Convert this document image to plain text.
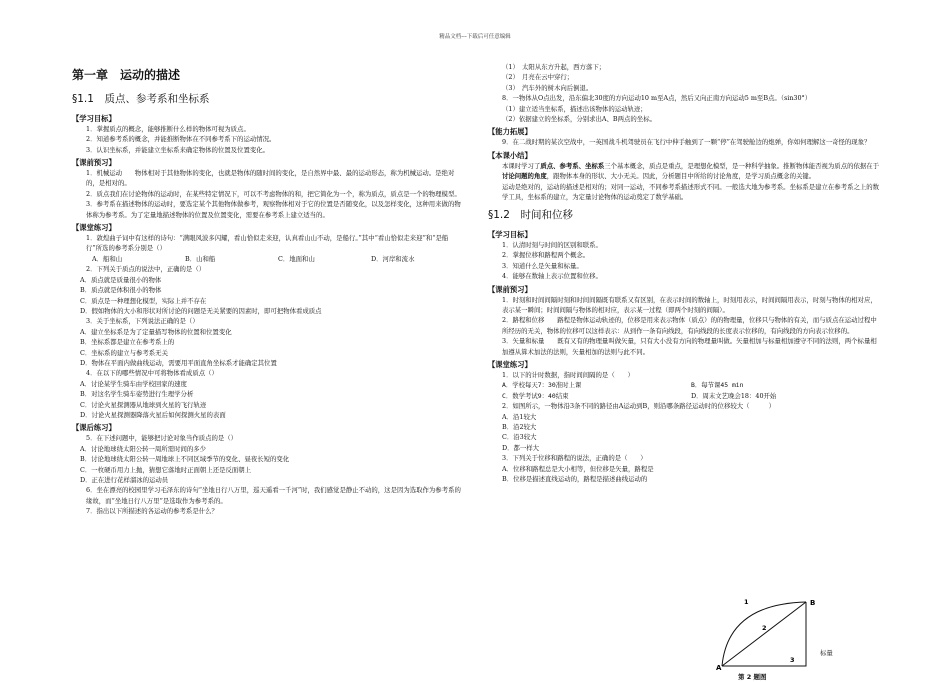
精品文档---下载后可任意编辑
第一章　运动的描述
§1.1　质点、参考系和坐标系
【学习目标】

1．掌握质点的概念，能够推断什么样的物体可视为质点。

2．知道参考系的概念，并能推断物体在不同参考系下的运动情况。

3．认识坐标系，并能建立坐标系来确定物体的位置及位置变化。

【课前预习】

1．机械运动　　物体相对于其他物体的变化，也就是物体的随时间的变化，是自然界中最、最的运动形态，称为机械运动。是绝对的，是相对的。

2．质点我们在讨论物体的运动时，在某些特定情况下，可以不考虑物体的和，把它简化为一个，称为质点，质点是一个的物理模型。

3．参考系在描述物体的运动时，要选定某个其他物体做参考，观察物体相对于它的位置是否随变化，以及怎样变化，这种用来做的物体称为参考系。为了定量地描述物体的位置及位置变化，需要在参考系上建立适当的。

【课堂练习】

1．敦煌曲子词中有这样的诗句：“满眼风波多闪耀，看山恰似走来迎，认真看山山不动，是船行。”其中“看山恰似走来迎”和“是船行”所选的参考系分别是（）

A．船和山	B．山和船	C．地面和山	D．河岸和流水

2．下列关于质点的说法中，正确的是（）

A．质点就是质量很小的物体

B．质点就是体积很小的物体

C．质点是一种理想化模型，实际上并不存在

D．假如物体的大小和形状对所讨论的问题是无关紧要的因素时，即可把物体看成质点

3．关于坐标系，下列说法正确的是（）

A．建立坐标系是为了定量描写物体的位置和位置变化

B．坐标系都是建立在参考系上的

C．坐标系的建立与参考系无关

D．物体在平面内做曲线运动，需要用平面直角坐标系才能确定其位置

4．在以下的哪些情况中可将物体看成质点（）

A．讨论某学生骑车由学校回家的速度

B．对这名学生骑车姿势进行生理学分析

C．讨论火星探测器从地球到火星的飞行轨迹

D．讨论火星探测器降落火星后如何探测火星的表面

【课后练习】

5．在下述问题中，能够把讨论对象当作质点的是（）

A．讨论地球绕太阳公转一周所需时间的多少

B．讨论地球绕太阳公转一周地球上不同区域季节的变化、昼夜长短的变化

C．一枚硬币用力上抛，猜想它落地时正面朝上还是反面朝上

D．正在进行花样溜冰的运动员

6．坐在漂亮的校园里学习毛泽东的诗句“坐地日行八万里，巡天遥看一千河”时，我们感觉是静止不动的，这是因为选取作为参考系的缘故，而“坐地日行八万里”是选取作为参考系的。

7．指出以下所描述的各运动的参考系是什么？

（1）　太阳从东方升起，西方落下；

（2）　月亮在云中穿行；

（3）　汽车外的树木向后倒退。

8．一物体从O点出发，沿东偏北30度的方向运动10 m至A点，然后又向正南方向运动5 m至B点。（sin30°）

（1）建立适当坐标系，描述出该物体的运动轨迹；

（2）依据建立的坐标系，分别求出A、B两点的坐标。

【能力拓展】

9．在二战时期的某次空战中，一英国战斗机驾驶员在飞行中伸手触到了一颗“停”在驾驶舱边的炮弹，你如何理解这一奇怪的现象？

【本课小结】

本课时学习了质点、参考系、坐标系三个基本概念，质点是重点，是理想化模型，是一种科学抽象。推断物体能否视为质点的依据在于讨论问题的角度，跟物体本身的形状、大小无关。因此，分析题目中所给的讨论角度，是学习质点概念的关键。

运动是绝对的，运动的描述是相对的；对同一运动，不同参考系描述形式不同。一般选大地为参考系。坐标系是建立在参考系之上的数学工具，坐标系的建立，为定量讨论物体的运动奠定了数学基础。

§1.2　时间和位移
【学习目标】

1．认清时刻与时间的区别和联系。

2．掌握位移和路程两个概念。

3．知道什么是矢量和标量。

4．能够在数轴上表示位置和位移。

【课前预习】

1．时刻和时间间隔时刻和时间间隔既有联系又有区别，在表示时间的数轴上，时刻用表示，时间间隔用表示，时刻与物体的相对应，表示某一瞬间；时间间隔与物体的相对应，表示某一过程（即两个时刻的间隔）。

2．路程和位移　　路程是物体运动轨迹的，位移是用来表示物体（质点）的的物理量，位移只与物体的有关，而与质点在运动过程中所经历的无关，物体的位移可以这样表示：从到作一条有向线段，有向线段的长度表示位移的，有向线段的方向表示位移的。

3．矢量和标量　　既有又有的物理量叫做矢量，只有大小没有方向的物理量叫做。矢量相加与标量相加遵守不同的法则，两个标量相加遵从算术加法的法则，矢量相加的法则与此不同。

【课堂练习】

1．以下的计时数据，指时间间隔的是（　　）

A．学校每天7：30准时上课	B．每节课45 min
C．数学考试9：40结束	D．周末文艺晚会18：40开始

2．如图所示，一物体沿3条不同的路径由A运动到B，则沿哪条路径运动时的位移较大（　　　）

A．沿1较大

B．沿2较大

C．沿3较大

D．都一样大

3．下列关于位移和路程的说法，正确的是（　　）

A．位移和路程总是大小相等，但位移是矢量，路程是

B．位移是描述直线运动的，路程是描述曲线运动的

标量
A
B
1
2
3
第 2 题图
